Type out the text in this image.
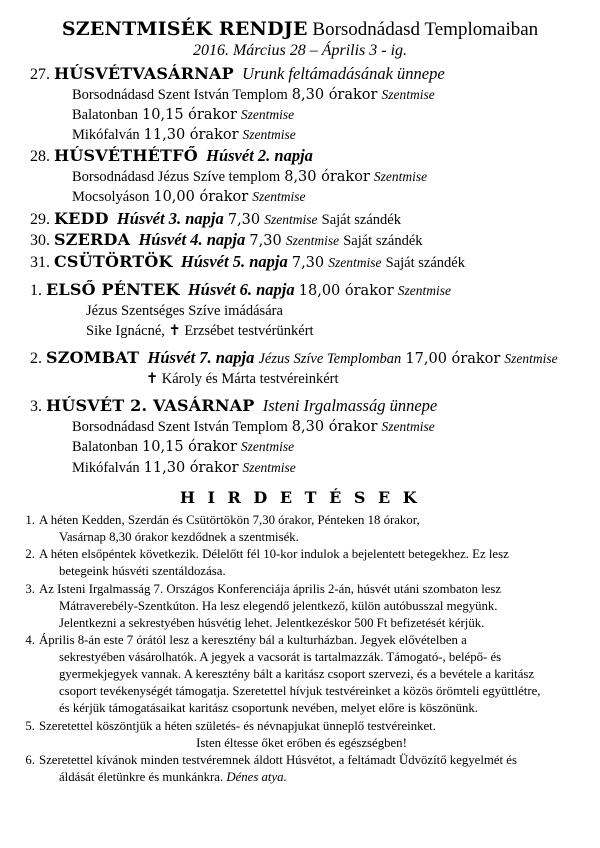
SZENTMISÉK RENDJE Borsodnádasd Templomaiban
2016. Március 28 – Április 3 - ig.
27. HÚSVÉTVASÁRNAP Urunk feltámadásának ünnepe
Borsodnádasd Szent István Templom 8,30 órakor Szentmise
Balatonban 10,15 órakor Szentmise
Mikófalván 11,30 órakor Szentmise
28. HÚSVÉTHÉTFŐ Húsvét 2. napja
Borsodnádasd Jézus Szíve templom 8,30 órakor Szentmise
Mocsolyáson 10,00 órakor Szentmise
29. KEDD Húsvét 3. napja 7,30 Szentmise Saját szándék
30. SZERDA Húsvét 4. napja 7,30 Szentmise Saját szándék
31. CSÜTÖRTÖK Húsvét 5. napja 7,30 Szentmise Saját szándék
1. ELSŐ PÉNTEK Húsvét 6. napja 18,00 órakor Szentmise
Jézus Szentséges Szíve imádására
Sike Ignácné, ✝ Erzsébet testvérünkért
2. SZOMBAT Húsvét 7. napja Jézus Szíve Templomban 17,00 órakor Szentmise
✝ Károly és Márta testvéreinkért
3. HÚSVÉT 2. VASÁRNAP Isteni Irgalmasság ünnepe
Borsodnádasd Szent István Templom 8,30 órakor Szentmise
Balatonban 10,15 órakor Szentmise
Mikófalván 11,30 órakor Szentmise
H I R D E T É S E K
1. A héten Kedden, Szerdán és Csütörtökön 7,30 órakor, Pénteken 18 órakor,
Vasárnap 8,30 órakor kezdődnek a szentmisék.
2. A héten elsőpéntek következik. Délelőtt fél 10-kor indulok a bejelentett betegekhez. Ez lesz
betegeink húsvéti szentáldozása.
3. Az Isteni Irgalmasság 7. Országos Konferenciája április 2-án, húsvét utáni szombaton lesz
Mátraverebély-Szentkúton. Ha lesz elegendő jelentkező, külön autóbusszal megyünk.
Jelentkezni a sekrestyében húsvétig lehet. Jelentkezéskor 500 Ft befizetését kérjük.
4. Április 8-án este 7 órától lesz a keresztény bál a kulturházban. Jegyek elővételben a
sekrestyében vásárolhatók. A jegyek a vacsorát is tartalmazzák. Támogató-, belépő- és
gyermekjegyek vannak. A keresztény bált a karitász csoport szervezi, és a bevétele a karitász
csoport tevékenységét támogatja. Szeretettel hívjuk testvéreinket a közös örömteli együttlétre,
és kérjük támogatásaikat karitász csoportunk nevében, melyet előre is köszönünk.
5. Szeretettel köszöntjük a héten születés- és névnapjukat ünneplő testvéreinket.
Isten éltesse őket erőben és egészségben!
6. Szeretettel kívánok minden testvéremnek áldott Húsvétot, a feltámadt Üdvözítő kegyelmét és
áldását életünkre és munkánkra. Dénes atya.
